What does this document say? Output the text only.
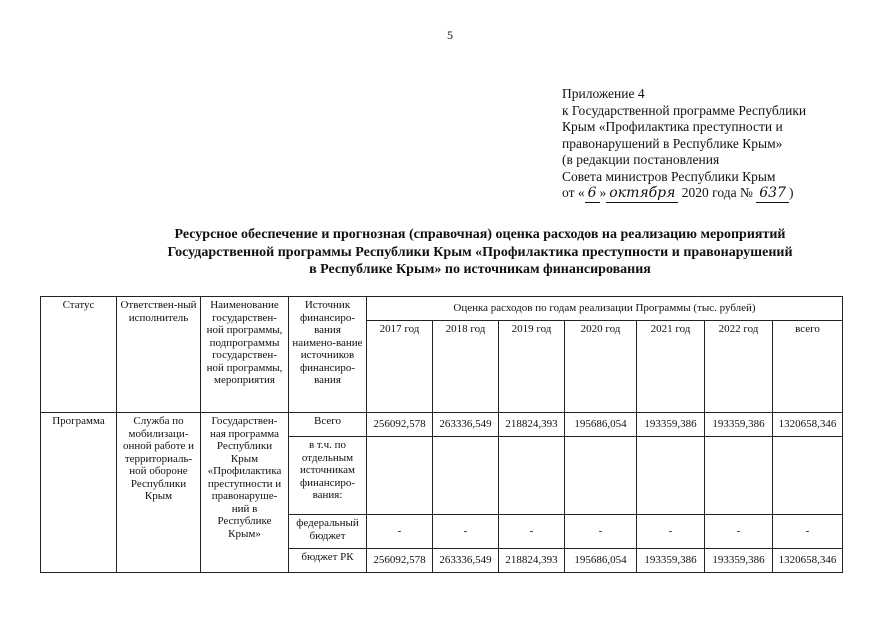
5
Приложение 4
к Государственной программе Республики
Крым «Профилактика преступности и
правонарушений в Республике Крым»
(в редакции постановления
Совета министров Республики Крым
от « 6 » октября 2020 года № 637 )
Ресурсное обеспечение и прогнозная (справочная) оценка расходов на реализацию мероприятий
Государственной программы Республики Крым «Профилактика преступности и правонарушений
в Республике Крым» по источникам финансирования
Статус	Ответствен-ный исполнитель	Наименование государствен-ной программы, подпрограммы государствен-ной программы, мероприятия	Источник финансиро-вания наимено-вание источников финансиро-вания	Оценка расходов по годам реализации Программы (тыс. рублей)						
				2017 год	2018 год	2019 год	2020 год	2021 год	2022 год	всего
Программа	Служба по мобилизаци-онной работе и территориаль-ной обороне Республики Крым	Государствен-ная программа Республики Крым «Профилактика преступности и правонаруше-ний в Республике Крым»	Всего	256092,578	263336,549	218824,393	195686,054	193359,386	193359,386	1320658,346
			в т.ч. по отдельным источникам финансиро-вания:							
			федеральный бюджет	-	-	-	-	-	-	-
			бюджет РК	256092,578	263336,549	218824,393	195686,054	193359,386	193359,386	1320658,346
